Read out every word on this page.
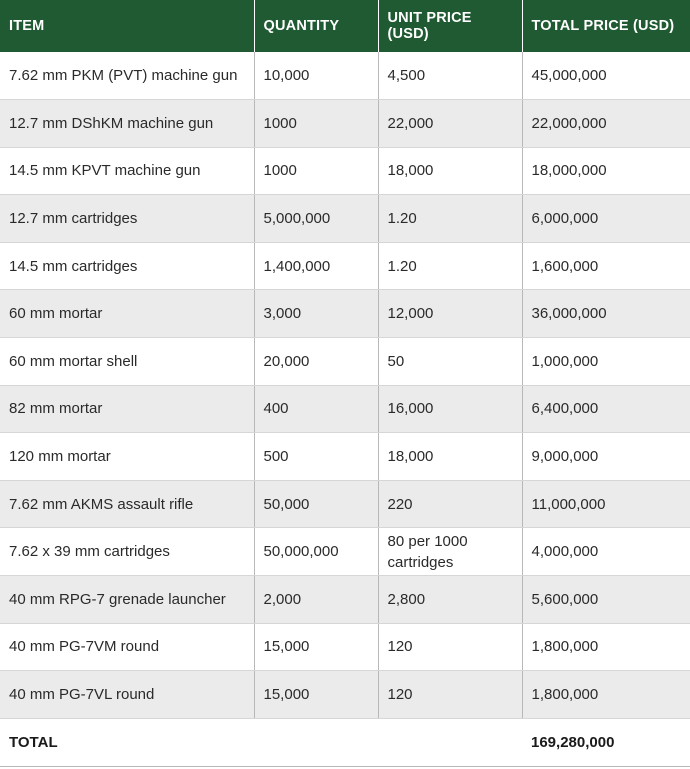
ITEM	QUANTITY	UNIT PRICE (USD)	TOTAL PRICE (USD)
7.62 mm PKM (PVT) machine gun	10,000	4,500	45,000,000
12.7 mm DShKM machine gun	1000	22,000	22,000,000
14.5 mm KPVT machine gun	1000	18,000	18,000,000
12.7 mm cartridges	5,000,000	1.20	6,000,000
14.5 mm cartridges	1,400,000	1.20	1,600,000
60 mm mortar	3,000	12,000	36,000,000
60 mm mortar shell	20,000	50	1,000,000
82 mm mortar	400	16,000	6,400,000
120 mm mortar	500	18,000	9,000,000
7.62 mm AKMS assault rifle	50,000	220	11,000,000
7.62 x 39 mm cartridges	50,000,000	80 per 1000 cartridges	4,000,000
40 mm RPG-7 grenade launcher	2,000	2,800	5,600,000
40 mm PG-7VM round	15,000	120	1,800,000
40 mm PG-7VL round	15,000	120	1,800,000
TOTAL			169,280,000
